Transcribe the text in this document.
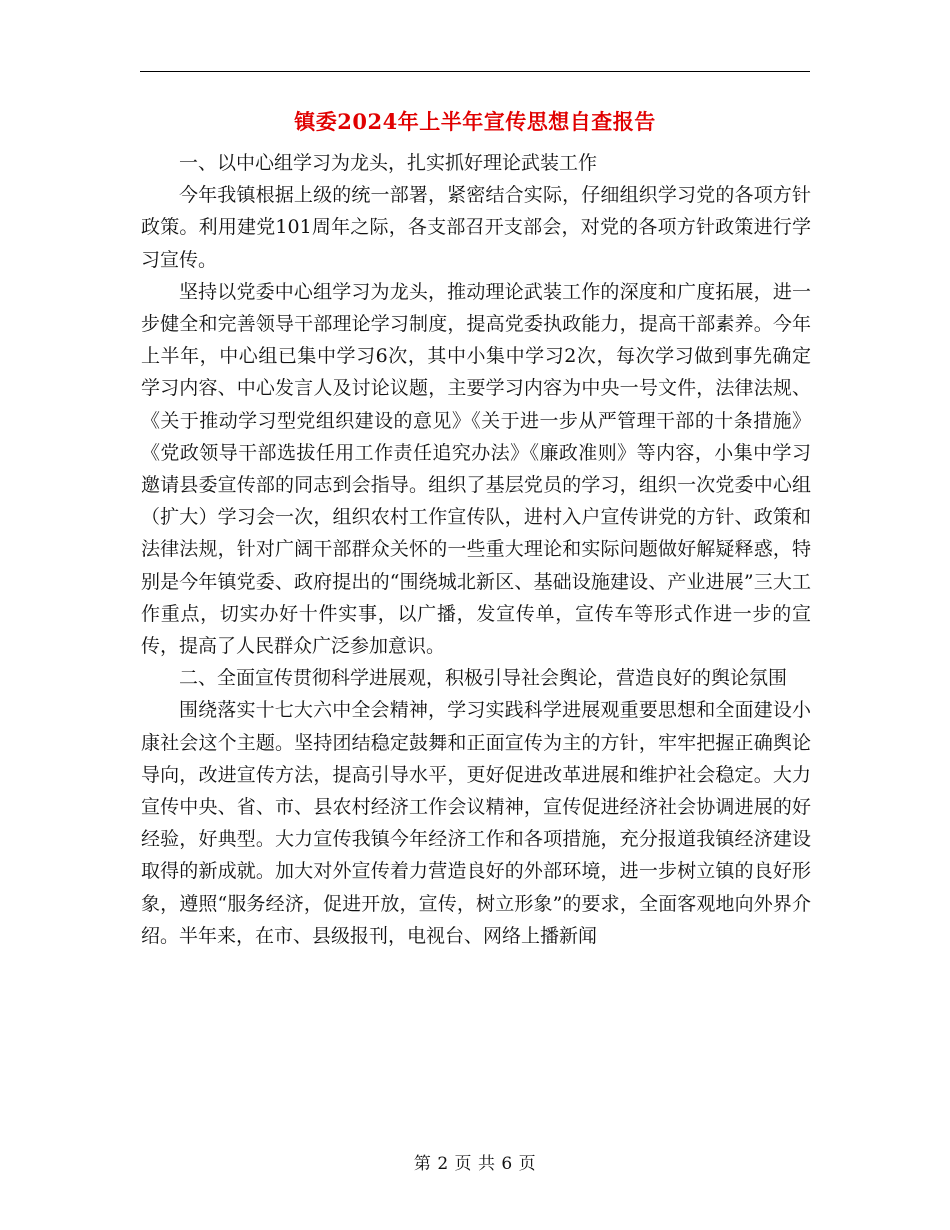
镇委2024年上半年宣传思想自查报告

一、以中心组学习为龙头，扎实抓好理论武装工作

今年我镇根据上级的统一部署，紧密结合实际，仔细组织学习党的各项方针政策。利用建党101周年之际，各支部召开支部会，对党的各项方针政策进行学习宣传。

坚持以党委中心组学习为龙头，推动理论武装工作的深度和广度拓展，进一步健全和完善领导干部理论学习制度，提高党委执政能力，提高干部素养。今年上半年，中心组已集中学习6次，其中小集中学习2次，每次学习做到事先确定学习内容、中心发言人及讨论议题，主要学习内容为中央一号文件，法律法规、《关于推动学习型党组织建设的意见》《关于进一步从严管理干部的十条措施》《党政领导干部选拔任用工作责任追究办法》《廉政准则》等内容，小集中学习邀请县委宣传部的同志到会指导。组织了基层党员的学习，组织一次党委中心组（扩大）学习会一次，组织农村工作宣传队，进村入户宣传讲党的方针、政策和法律法规，针对广阔干部群众关怀的一些重大理论和实际问题做好解疑释惑，特别是今年镇党委、政府提出的“围绕城北新区、基础设施建设、产业进展”三大工作重点，切实办好十件实事，以广播，发宣传单，宣传车等形式作进一步的宣传，提高了人民群众广泛参加意识。

二、全面宣传贯彻科学进展观，积极引导社会舆论，营造良好的舆论氛围

围绕落实十七大六中全会精神，学习实践科学进展观重要思想和全面建设小康社会这个主题。坚持团结稳定鼓舞和正面宣传为主的方针，牢牢把握正确舆论导向，改进宣传方法，提高引导水平，更好促进改革进展和维护社会稳定。大力宣传中央、省、市、县农村经济工作会议精神，宣传促进经济社会协调进展的好经验，好典型。大力宣传我镇今年经济工作和各项措施，充分报道我镇经济建设取得的新成就。加大对外宣传着力营造良好的外部环境，进一步树立镇的良好形象，遵照“服务经济，促进开放，宣传，树立形象”的要求，全面客观地向外界介绍。半年来，在市、县级报刊，电视台、网络上播新闻

第 2 页 共 6 页
